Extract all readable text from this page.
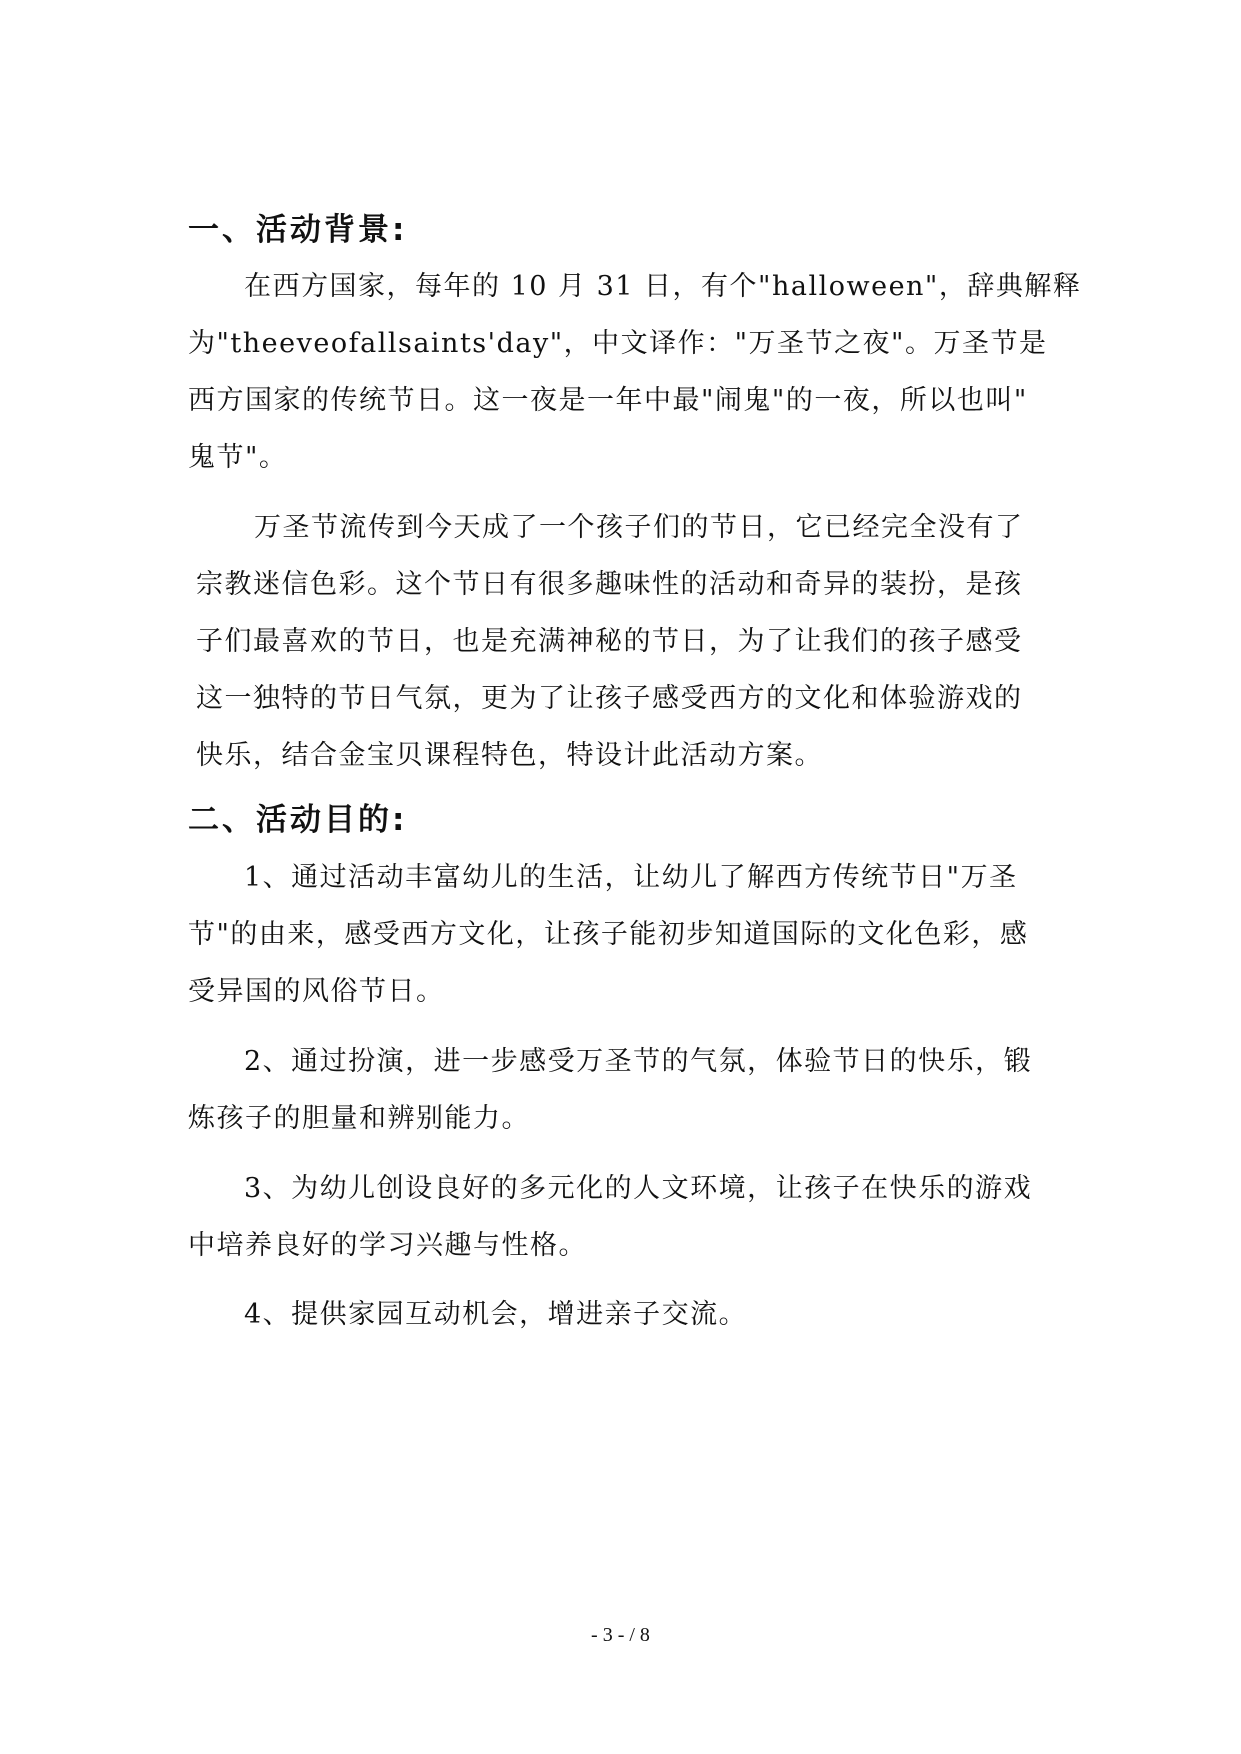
一、活动背景:

在西方国家，每年的 10 月 31 日，有个"halloween"，辞典解释

为"theeveofallsaints'day"，中文译作："万圣节之夜"。万圣节是

西方国家的传统节日。这一夜是一年中最"闹鬼"的一夜，所以也叫"

鬼节"。

万圣节流传到今天成了一个孩子们的节日，它已经完全没有了

宗教迷信色彩。这个节日有很多趣味性的活动和奇异的装扮，是孩

子们最喜欢的节日，也是充满神秘的节日，为了让我们的孩子感受

这一独特的节日气氛，更为了让孩子感受西方的文化和体验游戏的

快乐，结合金宝贝课程特色，特设计此活动方案。

二、活动目的:

1、通过活动丰富幼儿的生活，让幼儿了解西方传统节日"万圣

节"的由来，感受西方文化，让孩子能初步知道国际的文化色彩，感

受异国的风俗节日。

2、通过扮演，进一步感受万圣节的气氛，体验节日的快乐，锻

炼孩子的胆量和辨别能力。

3、为幼儿创设良好的多元化的人文环境，让孩子在快乐的游戏

中培养良好的学习兴趣与性格。

4、提供家园互动机会，增进亲子交流。

- 3 - / 8
